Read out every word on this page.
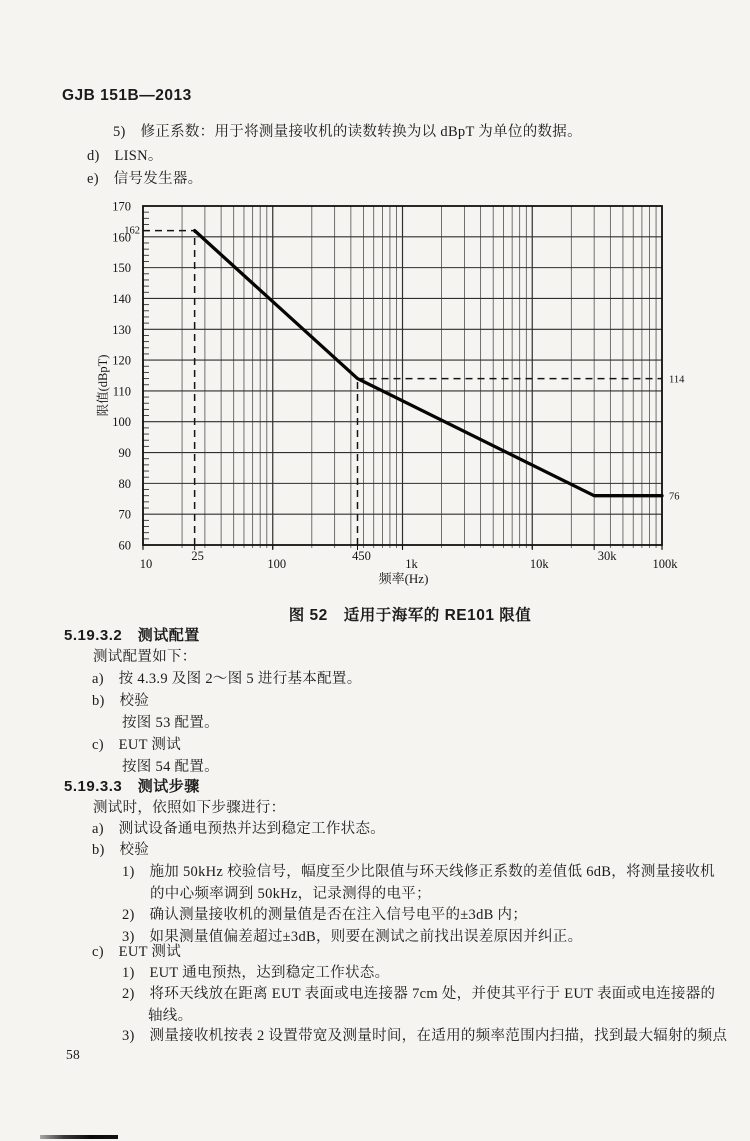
GJB 151B—2013
5)　修正系数：用于将测量接收机的读数转换为以 dBpT 为单位的数据。
d)　LISN。
e)　信号发生器。
60
70
80
90
100
110
120
130
140
150
160
170
10
25
100
450
1k	10k
30k
100k
162
114
76
频率(Hz)
限值(dBpT)
图 52　适用于海军的 RE101 限值
5.19.3.2　测试配置
测试配置如下：
a)　按 4.3.9 及图 2～图 5 进行基本配置。
b)　校验
按图 53 配置。
c)　EUT 测试
按图 54 配置。
5.19.3.3　测试步骤
测试时，依照如下步骤进行：
a)　测试设备通电预热并达到稳定工作状态。
b)　校验
1)　施加 50kHz 校验信号，幅度至少比限值与环天线修正系数的差值低 6dB，将测量接收机
的中心频率调到 50kHz，记录测得的电平；
2)　确认测量接收机的测量值是否在注入信号电平的±3dB 内；
3)　如果测量值偏差超过±3dB，则要在测试之前找出误差原因并纠正。
c)　EUT 测试
1)　EUT 通电预热，达到稳定工作状态。
2)　将环天线放在距离 EUT 表面或电连接器 7cm 处，并使其平行于 EUT 表面或电连接器的
轴线。
3)　测量接收机按表 2 设置带宽及测量时间，在适用的频率范围内扫描，找到最大辐射的频点
58
